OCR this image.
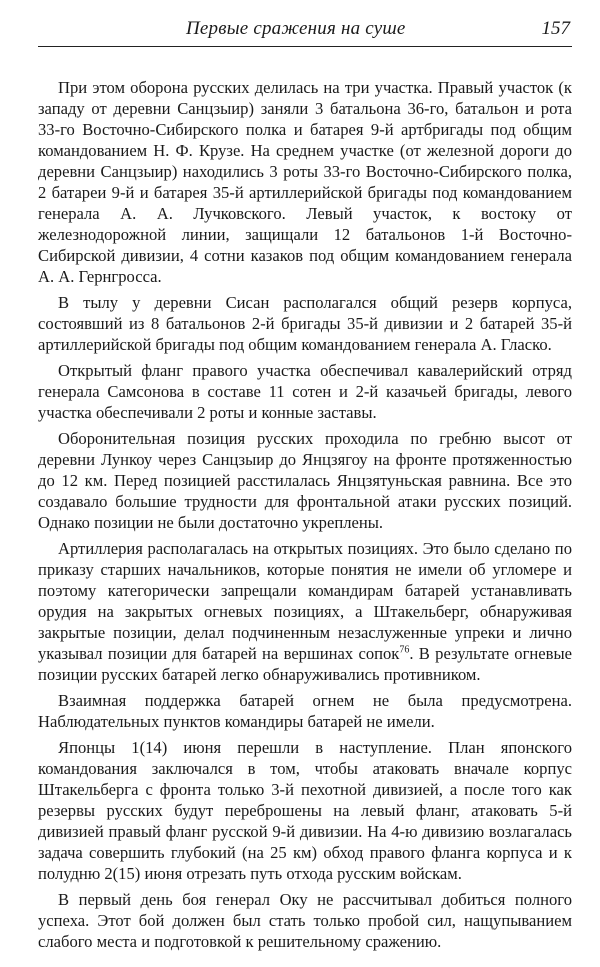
Первые сражения на суше	157

При этом оборона русских делилась на три участка. Правый участок (к западу от деревни Санцзыир) заняли 3 батальона 36-го, батальон и рота 33-го Восточно-Сибирского полка и батарея 9-й артбригады под общим командованием Н. Ф. Крузе. На среднем участке (от железной дороги до деревни Санцзыир) находились 3 роты 33-го Восточно-Сибирского полка, 2 батареи 9-й и батарея 35-й артиллерийской бригады под командованием генерала А. А. Лучковского. Левый участок, к востоку от железнодорожной линии, защищали 12 батальонов 1-й Восточно-Сибирской дивизии, 4 сотни казаков под общим командованием генерала А. А. Гернгросса.

В тылу у деревни Сисан располагался общий резерв корпуса, состоявший из 8 батальонов 2-й бригады 35-й дивизии и 2 батарей 35-й артиллерийской бригады под общим командованием генерала А. Гласко.

Открытый фланг правого участка обеспечивал кавалерийский отряд генерала Самсонова в составе 11 сотен и 2-й казачьей бригады, левого участка обеспечивали 2 роты и конные заставы.

Оборонительная позиция русских проходила по гребню высот от деревни Лункоу через Санцзыир до Янцзягоу на фронте протяженностью до 12 км. Перед позицией расстилалась Янцзятуньская равнина. Все это создавало большие трудности для фронтальной атаки русских позиций. Однако позиции не были достаточно укреплены.

Артиллерия располагалась на открытых позициях. Это было сделано по приказу старших начальников, которые понятия не имели об угломере и поэтому категорически запрещали командирам батарей устанавливать орудия на закрытых огневых позициях, а Штакельберг, обнаруживая закрытые позиции, делал подчиненным незаслуженные упреки и лично указывал позиции для батарей на вершинах сопок$^{76}$. В результате огневые позиции русских батарей легко обнаруживались противником.

Взаимная поддержка батарей огнем не была предусмотрена. Наблюдательных пунктов командиры батарей не имели.

Японцы 1(14) июня перешли в наступление. План японского командования заключался в том, чтобы атаковать вначале корпус Штакельберга с фронта только 3-й пехотной дивизией, а после того как резервы русских будут переброшены на левый фланг, атаковать 5-й дивизией правый фланг русской 9-й дивизии. На 4-ю дивизию возлагалась задача совершить глубокий (на 25 км) обход правого фланга корпуса и к полудню 2(15) июня отрезать путь отхода русским войскам.

В первый день боя генерал Оку не рассчитывал добиться полного успеха. Этот бой должен был стать только пробой сил, нащупыванием слабого места и подготовкой к решительному сражению.
